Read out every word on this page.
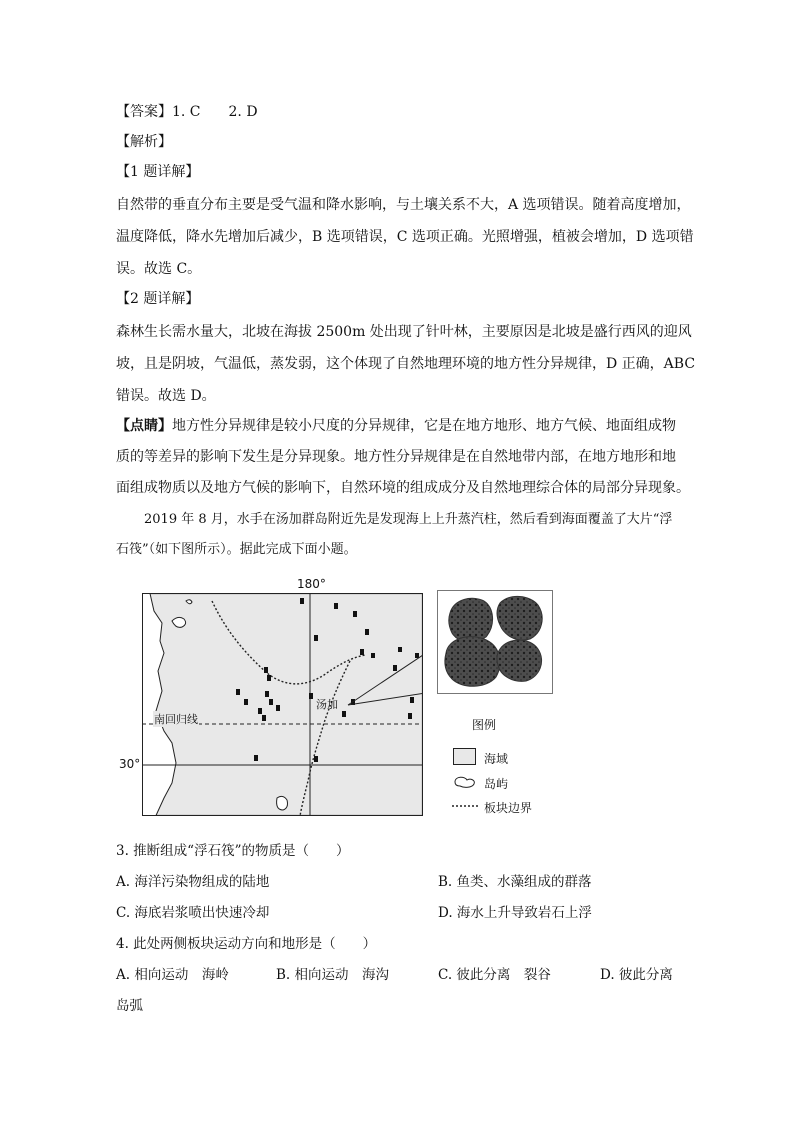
【答案】1. C　　2. D
【解析】
【1 题详解】
自然带的垂直分布主要是受气温和降水影响，与土壤关系不大，A 选项错误。随着高度增加，
温度降低，降水先增加后减少，B 选项错误，C 选项正确。光照增强，植被会增加，D 选项错
误。故选 C。
【2 题详解】
森林生长需水量大，北坡在海拔 2500m 处出现了针叶林，主要原因是北坡是盛行西风的迎风
坡，且是阴坡，气温低，蒸发弱，这个体现了自然地理环境的地方性分异规律，D 正确，ABC
错误。故选 D。
【点睛】地方性分异规律是较小尺度的分异规律，它是在地方地形、地方气候、地面组成物
质的等差异的影响下发生是分异现象。地方性分异规律是在自然地带内部，在地方地形和地
面组成物质以及地方气候的影响下，自然环境的组成成分及自然地理综合体的局部分异现象。
2019 年 8 月，水手在汤加群岛附近先是发现海上上升蒸汽柱，然后看到海面覆盖了大片“浮
石筏”（如下图所示）。据此完成下面小题。
180°
30°
南回归线
汤加
图例
海域
岛屿
板块边界
3. 推断组成“浮石筏”的物质是（　　）
A. 海洋污染物组成的陆地	B. 鱼类、水藻组成的群落
C. 海底岩浆喷出快速冷却	D. 海水上升导致岩石上浮
4. 此处两侧板块运动方向和地形是（　　）
A. 相向运动　海岭	B. 相向运动　海沟	C. 彼此分离　裂谷	D. 彼此分离
岛弧
